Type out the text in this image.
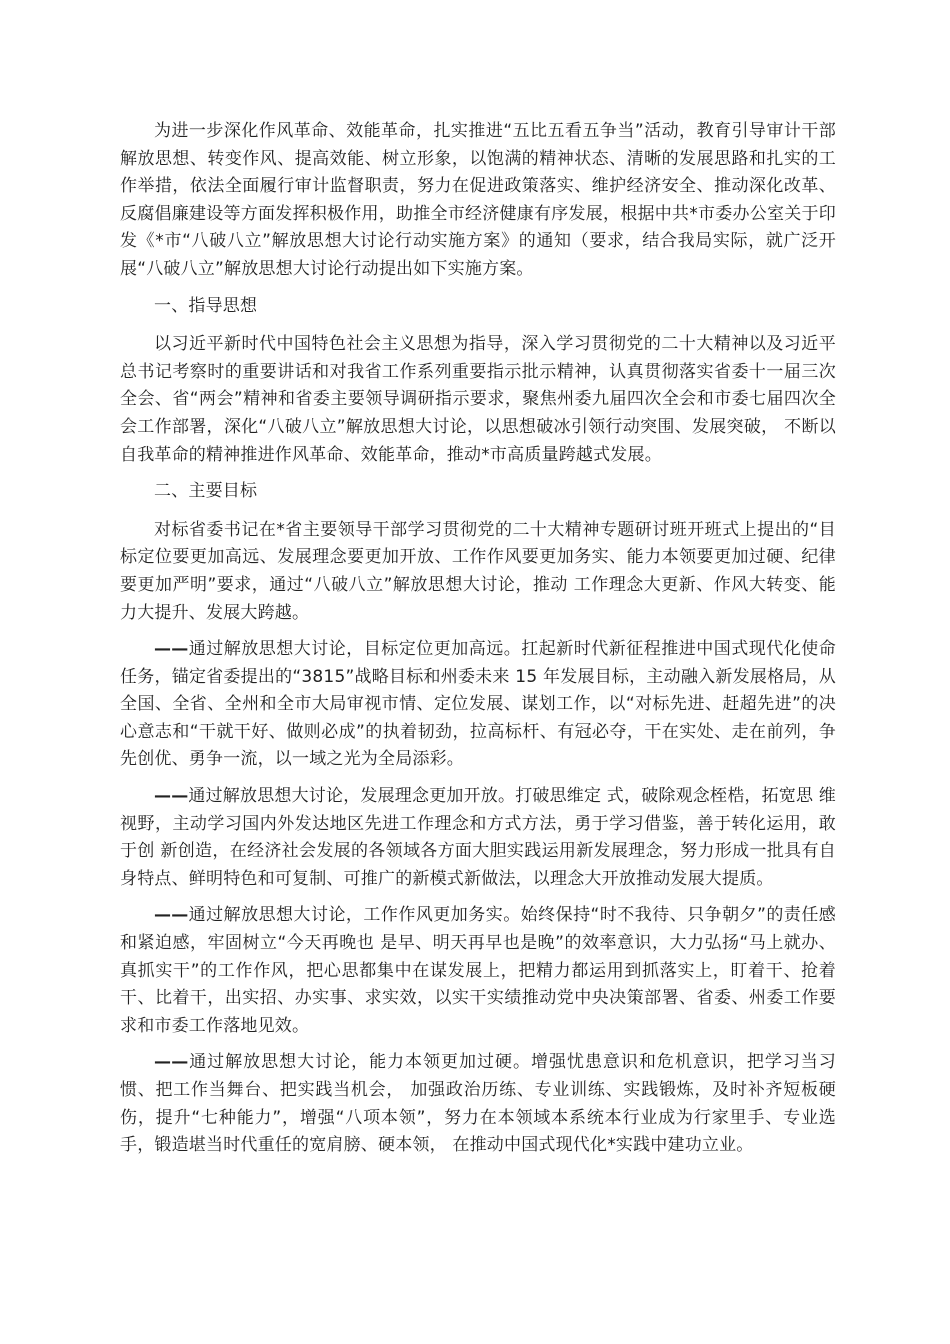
为进一步深化作风革命、效能革命，扎实推进“五比五看五争当”活动，教育引导审计干部解放思想、转变作风、提高效能、树立形象，以饱满的精神状态、清晰的发展思路和扎实的工作举措，依法全面履行审计监督职责，努力在促进政策落实、维护经济安全、推动深化改革、反腐倡廉建设等方面发挥积极作用，助推全市经济健康有序发展，根据中共*市委办公室关于印发《*市“八破八立”解放思想大讨论行动实施方案》的通知（要求，结合我局实际，就广泛开展“八破八立”解放思想大讨论行动提出如下实施方案。

一、指导思想

以习近平新时代中国特色社会主义思想为指导，深入学习贯彻党的二十大精神以及习近平总书记考察时的重要讲话和对我省工作系列重要指示批示精神，认真贯彻落实省委十一届三次全会、省“两会”精神和省委主要领导调研指示要求，聚焦州委九届四次全会和市委七届四次全会工作部署，深化“八破八立”解放思想大讨论，以思想破冰引领行动突围、发展突破， 不断以自我革命的精神推进作风革命、效能革命，推动*市高质量跨越式发展。

二、主要目标

对标省委书记在*省主要领导干部学习贯彻党的二十大精神专题研讨班开班式上提出的“目标定位要更加高远、发展理念要更加开放、工作作风要更加务实、能力本领要更加过硬、纪律要更加严明”要求，通过“八破八立”解放思想大讨论，推动 工作理念大更新、作风大转变、能力大提升、发展大跨越。

——通过解放思想大讨论，目标定位更加高远。扛起新时代新征程推进中国式现代化使命任务，锚定省委提出的“3815”战略目标和州委未来 15 年发展目标，主动融入新发展格局，从全国、全省、全州和全市大局审视市情、定位发展、谋划工作，以“对标先进、赶超先进”的决心意志和“干就干好、做则必成”的执着韧劲，拉高标杆、有冠必夺，干在实处、走在前列，争先创优、勇争一流，以一域之光为全局添彩。

——通过解放思想大讨论，发展理念更加开放。打破思维定 式，破除观念桎梏，拓宽思 维视野，主动学习国内外发达地区先进工作理念和方式方法，勇于学习借鉴，善于转化运用，敢于创 新创造，在经济社会发展的各领域各方面大胆实践运用新发展理念，努力形成一批具有自身特点、鲜明特色和可复制、可推广的新模式新做法，以理念大开放推动发展大提质。

——通过解放思想大讨论，工作作风更加务实。始终保持“时不我待、只争朝夕”的责任感和紧迫感，牢固树立“今天再晚也 是早、明天再早也是晚”的效率意识，大力弘扬“马上就办、真抓实干”的工作作风，把心思都集中在谋发展上，把精力都运用到抓落实上，盯着干、抢着干、比着干，出实招、办实事、求实效，以实干实绩推动党中央决策部署、省委、州委工作要求和市委工作落地见效。

——通过解放思想大讨论，能力本领更加过硬。增强忧患意识和危机意识，把学习当习惯、把工作当舞台、把实践当机会， 加强政治历练、专业训练、实践锻炼，及时补齐短板硬伤，提升“七种能力”，增强“八项本领”，努力在本领域本系统本行业成为行家里手、专业选手，锻造堪当时代重任的宽肩膀、硬本领， 在推动中国式现代化*实践中建功立业。
